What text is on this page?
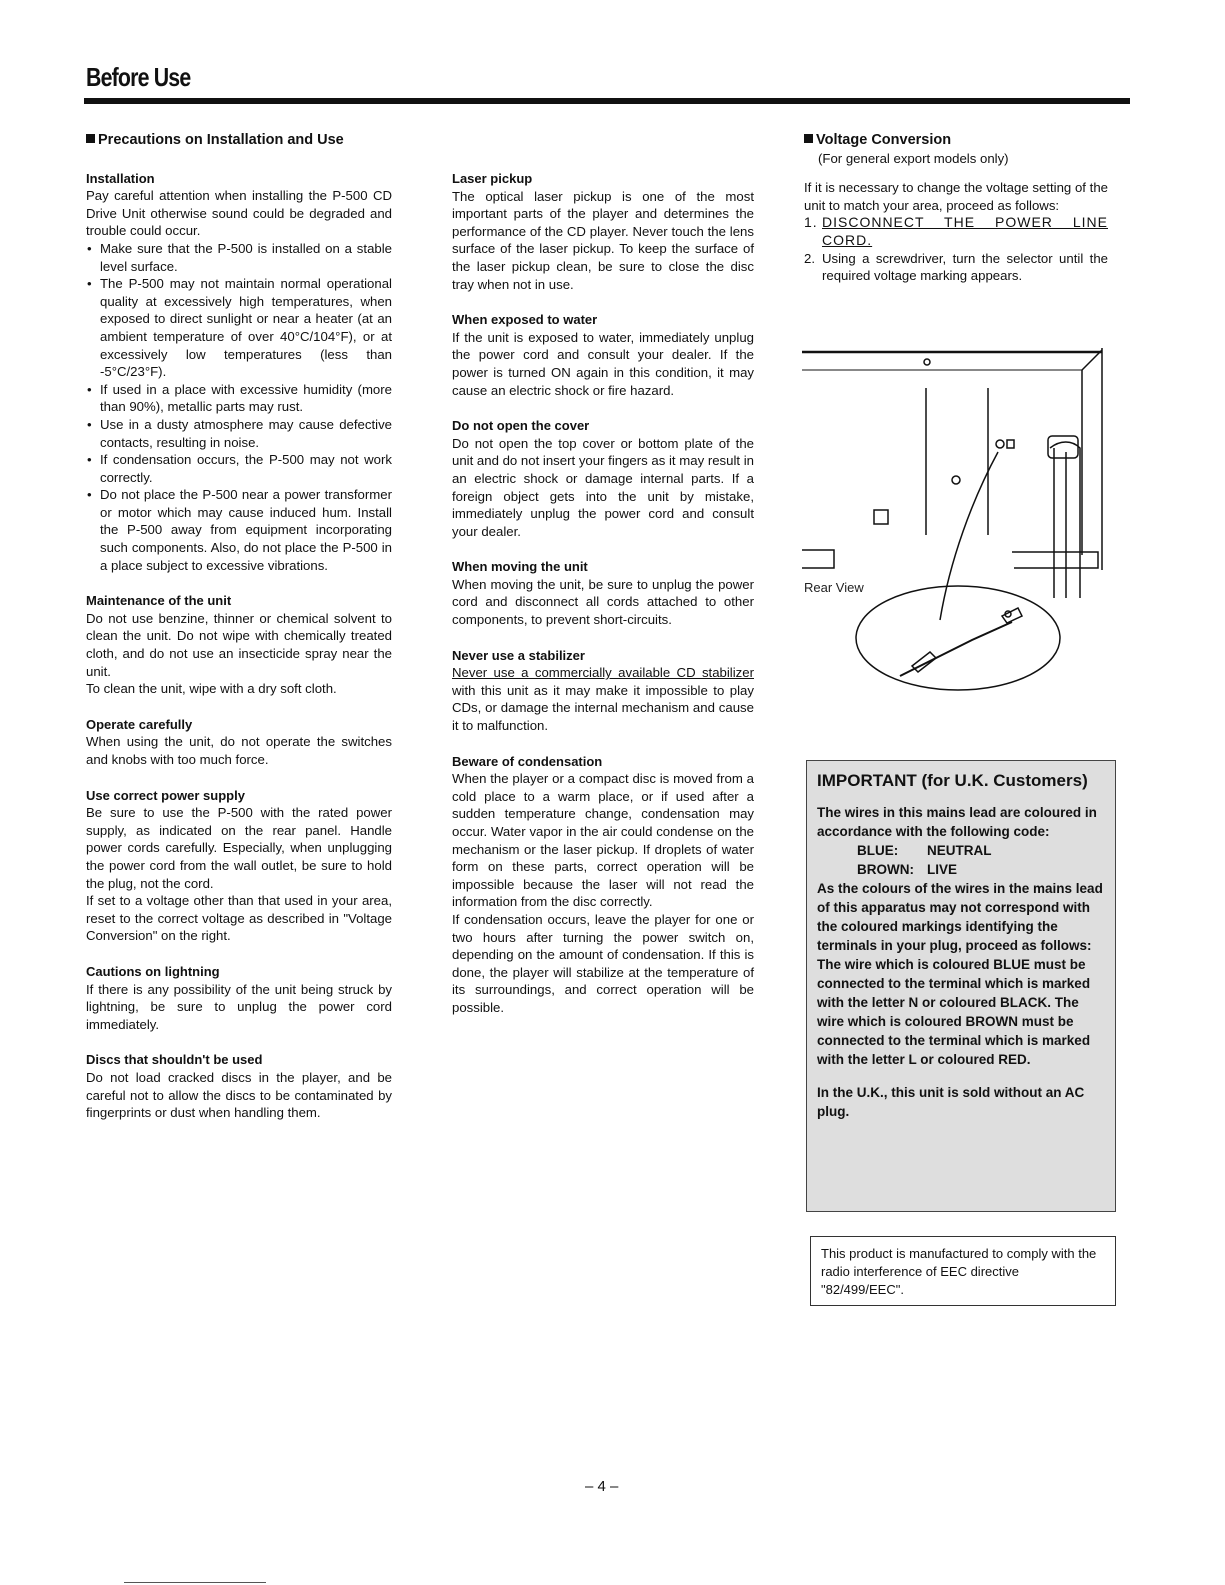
Before Use
Precautions on Installation and Use
Installation

Pay careful attention when installing the P-500 CD Drive Unit otherwise sound could be degraded and trouble could occur.

• Make sure that the P-500 is installed on a stable level surface.
• The P-500 may not maintain normal operational quality at excessively high temperatures, when exposed to direct sunlight or near a heater (at an ambient temperature of over 40°C/104°F), or at excessively low temperatures (less than -5°C/23°F).
• If used in a place with excessive humidity (more than 90%), metallic parts may rust.
• Use in a dusty atmosphere may cause defective contacts, resulting in noise.
• If condensation occurs, the P-500 may not work correctly.
• Do not place the P-500 near a power transformer or motor which may cause induced hum. Install the P-500 away from equipment incorporating such components. Also, do not place the P-500 in a place subject to excessive vibrations.
Maintenance of the unit

Do not use benzine, thinner or chemical solvent to clean the unit. Do not wipe with chemically treated cloth, and do not use an insecticide spray near the unit.

To clean the unit, wipe with a dry soft cloth.

Operate carefully

When using the unit, do not operate the switches and knobs with too much force.

Use correct power supply

Be sure to use the P-500 with the rated power supply, as indicated on the rear panel. Handle power cords carefully. Especially, when unplugging the power cord from the wall outlet, be sure to hold the plug, not the cord.

If set to a voltage other than that used in your area, reset to the correct voltage as described in "Voltage Conversion" on the right.

Cautions on lightning

If there is any possibility of the unit being struck by lightning, be sure to unplug the power cord immediately.

Discs that shouldn't be used

Do not load cracked discs in the player, and be careful not to allow the discs to be contaminated by fingerprints or dust when handling them.

Laser pickup

The optical laser pickup is one of the most important parts of the player and determines the performance of the CD player. Never touch the lens surface of the laser pickup. To keep the surface of the laser pickup clean, be sure to close the disc tray when not in use.

When exposed to water

If the unit is exposed to water, immediately unplug the power cord and consult your dealer. If the power is turned ON again in this condition, it may cause an electric shock or fire hazard.

Do not open the cover

Do not open the top cover or bottom plate of the unit and do not insert your fingers as it may result in an electric shock or damage internal parts. If a foreign object gets into the unit by mistake, immediately unplug the power cord and consult your dealer.

When moving the unit

When moving the unit, be sure to unplug the power cord and disconnect all cords attached to other components, to prevent short-circuits.

Never use a stabilizer

Never use a commercially available CD stabilizer with this unit as it may make it impossible to play CDs, or damage the internal mechanism and cause it to malfunction.

Beware of condensation

When the player or a compact disc is moved from a cold place to a warm place, or if used after a sudden temperature change, condensation may occur. Water vapor in the air could condense on the mechanism or the laser pickup. If droplets of water form on these parts, correct operation will be impossible because the laser will not read the information from the disc correctly.

If condensation occurs, leave the player for one or two hours after turning the power switch on, depending on the amount of condensation. If this is done, the player will stabilize at the temperature of its surroundings, and correct operation will be possible.

Voltage Conversion

(For general export models only)

If it is necessary to change the voltage setting of the unit to match your area, proceed as follows:

1. DISCONNECT THE POWER LINE CORD.
2. Using a screwdriver, turn the selector until the required voltage marking appears.
Rear View
IMPORTANT (for U.K. Customers)

The wires in this mains lead are coloured in accordance with the following code:

BLUE:	NEUTRAL
BROWN: LIVE

As the colours of the wires in the mains lead of this apparatus may not correspond with the coloured markings identifying the terminals in your plug, proceed as follows:

The wire which is coloured BLUE must be connected to the terminal which is marked with the letter N or coloured BLACK. The wire which is coloured BROWN must be connected to the terminal which is marked with the letter L or coloured RED.

In the U.K., this unit is sold without an AC plug.

This product is manufactured to comply with the radio interference of EEC directive "82/499/EEC".

– 4 –
